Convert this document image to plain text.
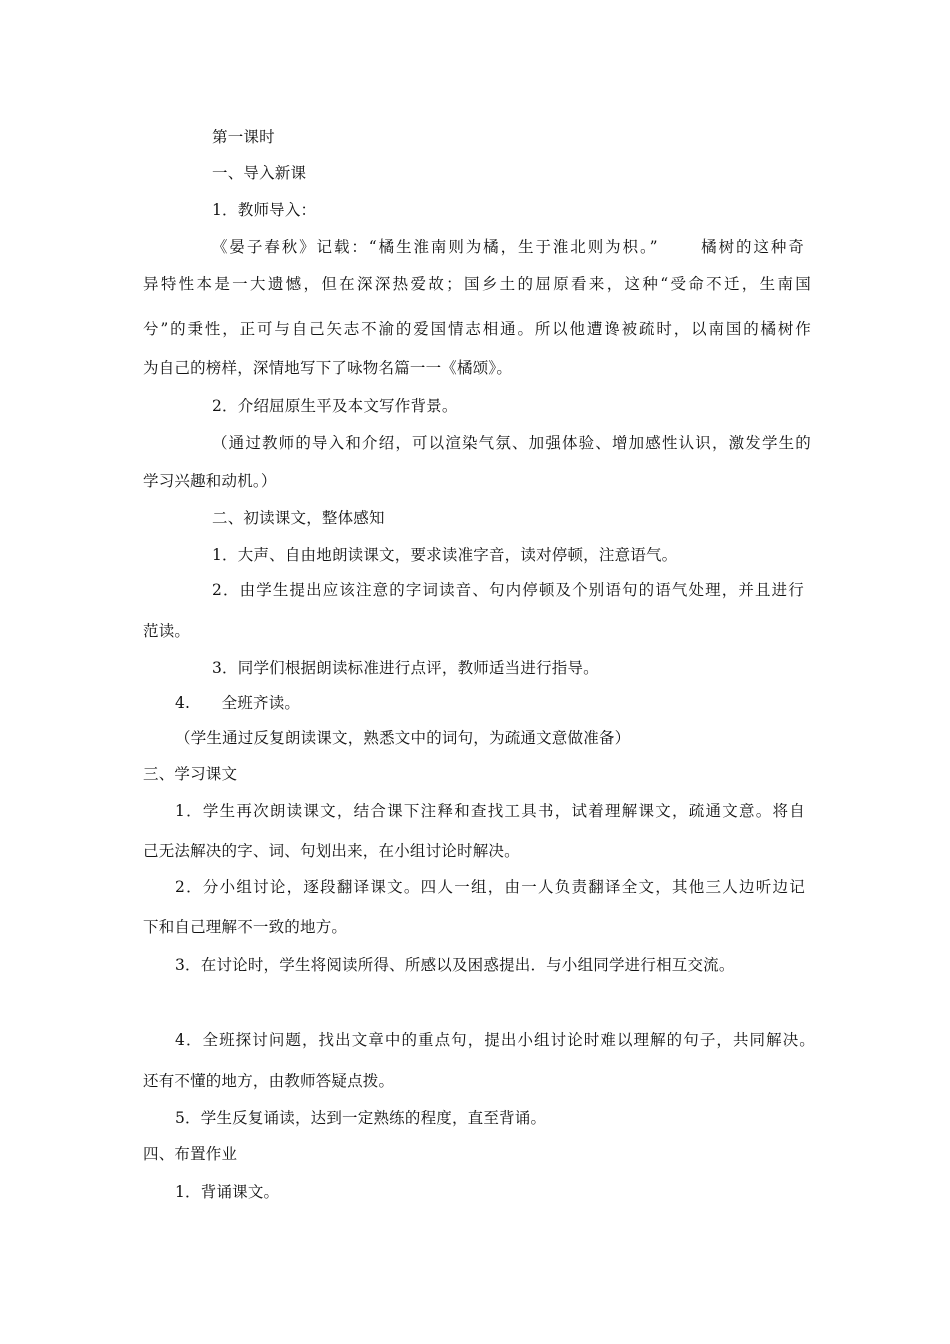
第一课时
一、导入新课
1．教师导入：
《晏子春秋》记载：“橘生淮南则为橘，生于淮北则为枳。”　　 橘树的这种奇
异特性本是一大遗憾，但在深深热爱故；国乡土的屈原看来，这种“受命不迁，生南国
兮”的秉性，正可与自己矢志不渝的爱国情志相通。所以他遭谗被疏时，以南国的橘树作
为自己的榜样，深情地写下了咏物名篇一一《橘颂》。
2．介绍屈原生平及本文写作背景。
（通过教师的导入和介绍，可以渲染气氛、加强体验、增加感性认识，激发学生的
学习兴趣和动机。）
二、初读课文，整体感知
1．大声、自由地朗读课文，要求读准字音，读对停顿，注意语气。
2．由学生提出应该注意的字词读音、句内停顿及个别语句的语气处理，并且进行
范读。
3．同学们根据朗读标准进行点评，教师适当进行指导。
4.　　全班齐读。
（学生通过反复朗读课文，熟悉文中的词句，为疏通文意做准备）
三、学习课文
1．学生再次朗读课文，结合课下注释和查找工具书，试着理解课文，疏通文意。将自
己无法解决的字、词、句划出来，在小组讨论时解决。
2．分小组讨论，逐段翻译课文。四人一组，由一人负责翻译全文，其他三人边听边记
下和自己理解不一致的地方。
3．在讨论时，学生将阅读所得、所感以及困惑提出．与小组同学进行相互交流。
4．全班探讨问题，找出文章中的重点句，提出小组讨论时难以理解的句子，共同解决。
还有不懂的地方，由教师答疑点拨。
5．学生反复诵读，达到一定熟练的程度，直至背诵。
四、布置作业
1．背诵课文。
